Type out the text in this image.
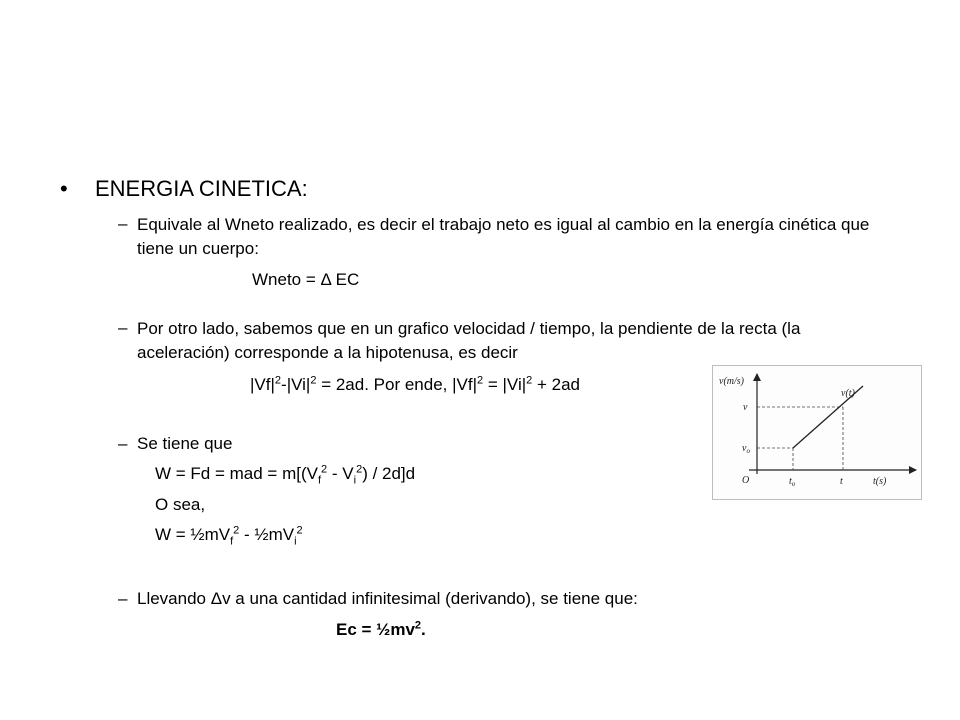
• ENERGIA CINETICA:
– Equivale al Wneto realizado, es decir el trabajo neto es igual al cambio en la energía cinética que tiene un cuerpo:
Wneto = Δ EC
– Por otro lado, sabemos que en un grafico velocidad / tiempo, la pendiente de la recta (la aceleración) corresponde a la hipotenusa, es decir
$|Vf|^2-|Vi|^2 = 2ad$. Por ende, $|Vf|^2 = |Vi|^2 + 2ad$	v(m/s)
v(t)
v
$v_o$
O	$t_o$	t	t(s)
– Se tiene que
W = Fd = mad = $m[(V_f^2 - V_i^2) / 2d]d$
O sea,
$W = \frac{1}{2}mV_f^2$ - $\frac{1}{2}mV_i^2$
– Llevando Δv a una cantidad infinitesimal (derivando), se tiene que:
$Ec = \frac{1}{2}mv^2$.
